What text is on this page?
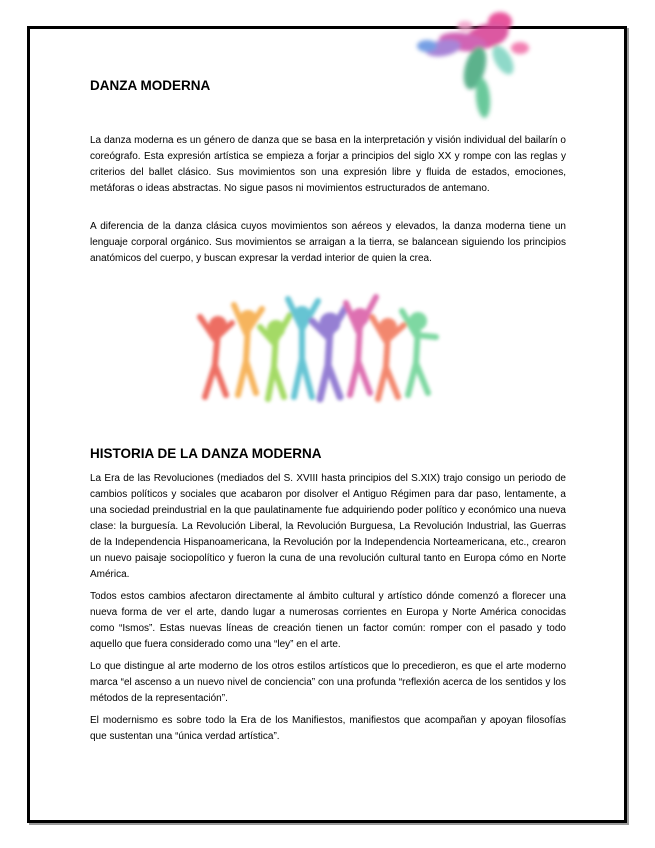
DANZA MODERNA

La danza moderna es un género de danza que se basa en la interpretación y visión individual del bailarín o coreógrafo. Esta expresión artística se empieza a forjar a principios del siglo XX y rompe con las reglas y criterios del ballet clásico. Sus movimientos son una expresión libre y fluida de estados, emociones, metáforas o ideas abstractas. No sigue pasos ni movimientos estructurados de antemano.

A diferencia de la danza clásica cuyos movimientos son aéreos y elevados, la danza moderna tiene un lenguaje corporal orgánico. Sus movimientos se arraigan a la tierra, se balancean siguiendo los principios anatómicos del cuerpo, y buscan expresar la verdad interior de quien la crea.

HISTORIA DE LA DANZA MODERNA

La Era de las Revoluciones (mediados del S. XVIII hasta principios del S.XIX) trajo consigo un periodo de cambios políticos y sociales que acabaron por disolver el Antiguo Régimen para dar paso, lentamente, a una sociedad preindustrial en la que paulatinamente fue adquiriendo poder político y económico una nueva clase: la burguesía. La Revolución Liberal, la Revolución Burguesa, La Revolución Industrial, las Guerras de la Independencia Hispanoamericana, la Revolución por la Independencia Norteamericana, etc., crearon un nuevo paisaje sociopolítico y fueron la cuna de una revolución cultural tanto en Europa cómo en Norte América.

Todos estos cambios afectaron directamente al ámbito cultural y artístico dónde comenzó a florecer una nueva forma de ver el arte, dando lugar a numerosas corrientes en Europa y Norte América conocidas como “Ismos”. Estas nuevas líneas de creación tienen un factor común: romper con el pasado y todo aquello que fuera considerado como una “ley” en el arte.

Lo que distingue al arte moderno de los otros estilos artísticos que lo precedieron, es que el arte moderno marca “el ascenso a un nuevo nivel de conciencia” con una profunda “reflexión acerca de los sentidos y los métodos de la representación”.

El modernismo es sobre todo la Era de los Manifiestos, manifiestos que acompañan y apoyan filosofías que sustentan una “única verdad artística”.
